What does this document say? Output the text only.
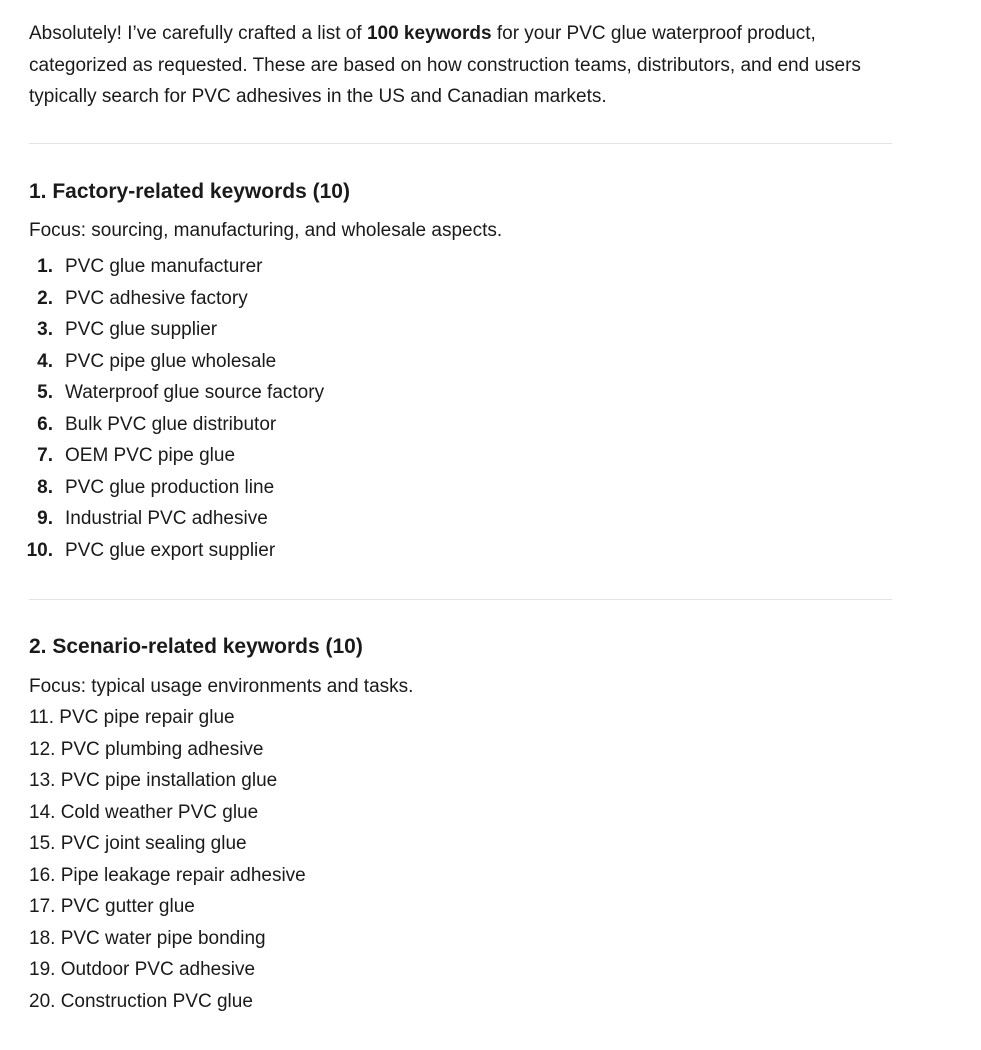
Absolutely! I’ve carefully crafted a list of 100 keywords for your PVC glue waterproof product, categorized as requested. These are based on how construction teams, distributors, and end users typically search for PVC adhesives in the US and Canadian markets.

1. Factory-related keywords (10)

Focus: sourcing, manufacturing, and wholesale aspects.

1. PVC glue manufacturer
2. PVC adhesive factory
3. PVC glue supplier
4. PVC pipe glue wholesale
5. Waterproof glue source factory
6. Bulk PVC glue distributor
7. OEM PVC pipe glue
8. PVC glue production line
9. Industrial PVC adhesive
10. PVC glue export supplier
2. Scenario-related keywords (10)

Focus: typical usage environments and tasks.

11. PVC pipe repair glue
12. PVC plumbing adhesive
13. PVC pipe installation glue
14. Cold weather PVC glue
15. PVC joint sealing glue
16. Pipe leakage repair adhesive
17. PVC gutter glue
18. PVC water pipe bonding
19. Outdoor PVC adhesive
20. Construction PVC glue
